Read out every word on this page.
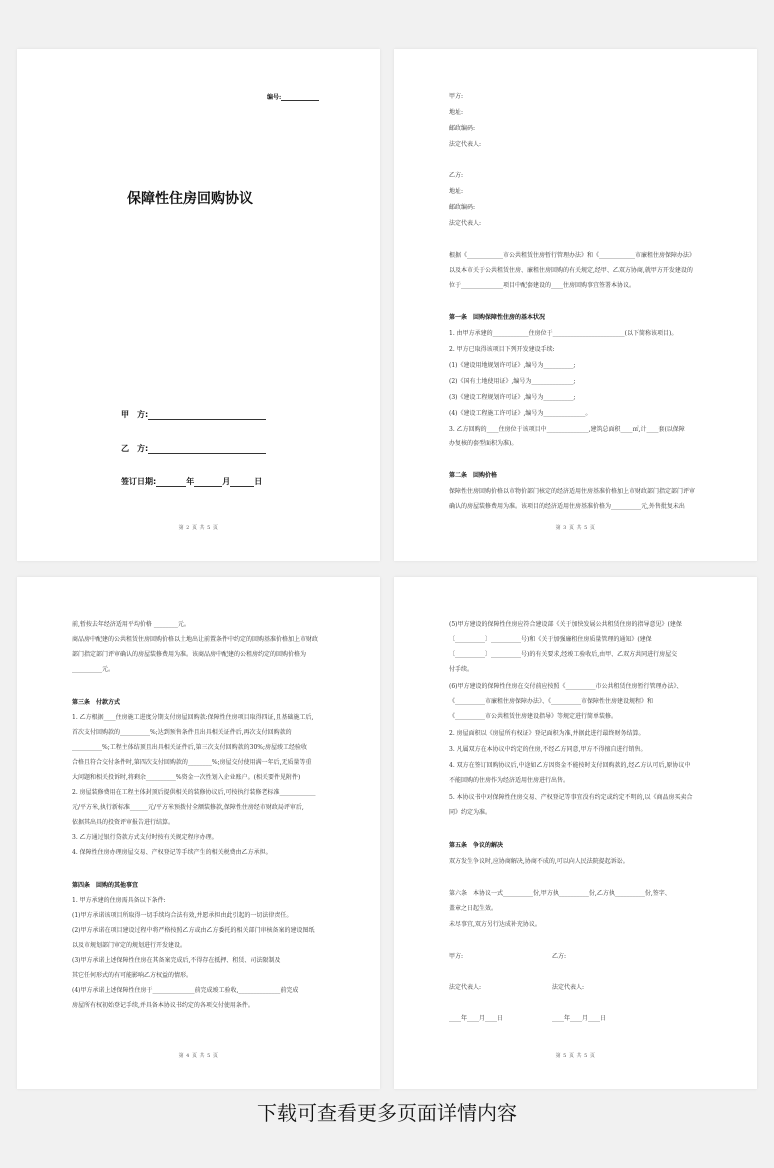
编号:
保障性住房回购协议
甲　方:
乙　方:
签订日期:	年	月	日
第 2 页 共 5 页
甲方:
地址:
邮政编码:
法定代表人:
乙方:
地址:
邮政编码:
法定代表人:
根据《____________市公共租赁住房暂行管理办法》和《____________市廉租住房保障办法》
以及本市关于公共租赁住房、廉租住房回购的有关规定,经甲、乙双方协商,就甲方开发建设的
位于______________项目中配套建设的____住房回购事宜签署本协议。
第一条　回购保障性住房的基本状况
1. 由甲方承建的____________住房位于________________________(以下简称该项目)。
2. 甲方已取得该项目下列开发建设手续:
(1)《建设用地规划许可证》,编号为__________;
(2)《国有土地使用证》,编号为______________;
(3)《建设工程规划许可证》,编号为__________;
(4)《建设工程施工许可证》,编号为______________。
3. 乙方回购的____住房位于该项目中______________,建筑总面积____㎡,计____套(以保障
办复核的套型面积为准)。
第二条　回购价格
保障性住房回购价格以市物价部门核定的经济适用住房基准价格加上市财政部门指定部门评审
确认的房屋装修费用为准。该项目的经济适用住房基准价格为__________元,外售批复未出
第 3 页 共 5 页
前,暂按去年经济适用平均价格 ________元。
商品房中配建的公共租赁住房回购价格以土地出让前置条件中约定的回购基准价格加上市财政
部门指定部门评审确认的房屋装修费用为准。该商品房中配建的公租房约定的回购价格为
__________元。
第三条　付款方式
1. 乙方根据____住房施工进度分期支付房屋回购款:保障性住房项目取得四证,且基础施工后,
首次支付回购款的__________%;达到预售条件且出具相关证件后,再次支付回购款的
__________%;工程主体结顶且出具相关证件后,第三次支付回购款的30%;房屋竣工经验收
合格且符合交付条件时,第四次支付回购款的________%;房屋交付使用满一年后,无质量等重
大问题和相关投诉时,将剩余__________%资金一次性划入企业账户。(相关要件见附件)
2. 房屋装修费用在工程主体封顶后提供相关的装修协议后,可按执行装修老标准____________
元/平方米,执行新标准______元/平方米预拨付全额装修款,保障性住房经市财政局评审后,
依据其出具的投资评审报告进行结算。
3. 乙方通过银行贷款方式支付时按有关规定程序办理。
4. 保障性住房办理房屋交易、产权登记等手续产生的相关税费由乙方承担。
第四条　回购的其他事宜
1. 甲方承建的住房需具备以下条件:
(1)甲方承诺该项目所取得一切手续均合法有效,并愿承担由此引起的一切法律责任。
(2)甲方承诺在项目建设过程中将严格按照乙方或由乙方委托的相关部门审核备案的建设图纸
以及市规划部门审定的规划进行开发建设。
(3)甲方承诺上述保障性住房在其备案完成后,不得存在抵押、租赁、司法限制及
其它任何形式的有可能影响乙方权益的情形。
(4)甲方承诺上述保障性住房于______________前完成竣工验收,______________前完成
房屋所有权初始登记手续,并具备本协议书约定的各项交付使用条件。
第 4 页 共 5 页
(5)甲方建设的保障性住房应符合建设部《关于加快发展公共租赁住房的指导意见》(建保
〔__________〕__________号)和《关于加强廉租住房质量管理的通知》(建保
〔__________〕__________号)的有关要求,经竣工验收后,由甲、乙双方共同进行房屋交
付手续。
(6)甲方建设的保障性住房在交付前应按照《__________市公共租赁住房暂行管理办法》、
《__________市廉租住房保障办法》、《__________市保障性住房建设规程》和
《__________市公共租赁住房建设指导》等规定进行简单装修。
2. 房屋面积以《房屋所有权证》登记面积为准,并据此进行最终财务结算。
3. 凡属双方在本协议中约定的住房,不经乙方同意,甲方不得擅自进行销售。
4. 双方在签订回购协议后,中途如乙方因资金不能按时支付回购款的,经乙方认可后,原协议中
不能回购的住房作为经济适用住房进行出售。
5. 本协议书中对保障性住房交易、产权登记等事宜没有约定或约定不明的,以《商品房买卖合
同》约定为准。
第五条　争议的解决
双方发生争议时,应协商解决,协商不成的,可以向人民法院提起诉讼。
第六条　本协议一式__________份,甲方执__________份,乙方执__________份,签字、
盖章之日起生效。
未尽事宜,双方另行达成补充协议。
甲方:	乙方:
法定代表人:	法定代表人:
____年____月____日	____年____月____日
第 5 页 共 5 页
下载可查看更多页面详情内容
